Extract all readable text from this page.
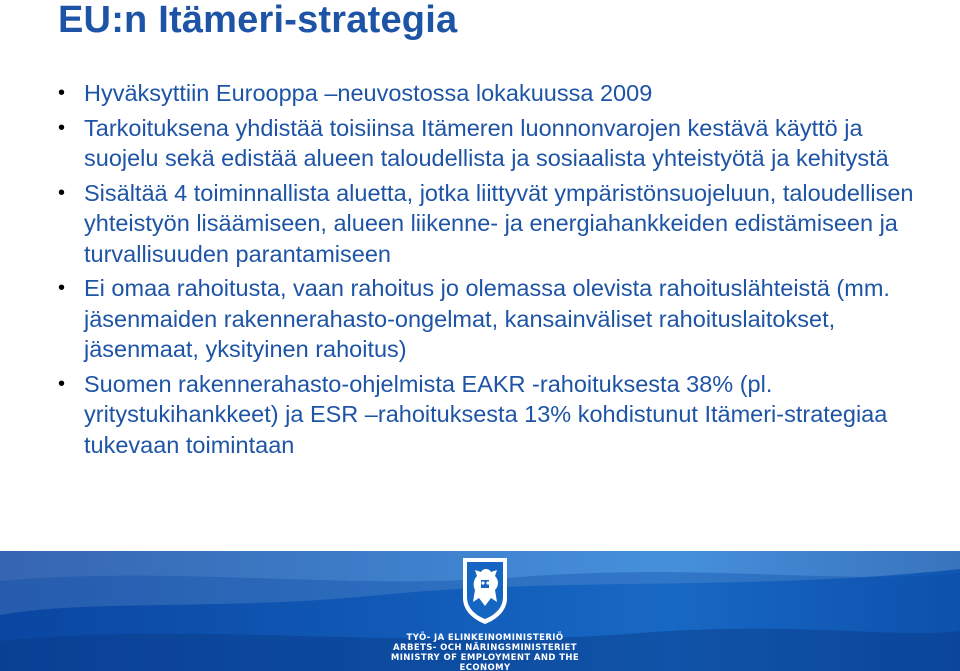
EU:n Itämeri-strategia
• Hyväksyttiin Eurooppa –neuvostossa lokakuussa 2009
• Tarkoituksena yhdistää toisiinsa Itämeren luonnonvarojen kestävä käyttö ja suojelu sekä edistää alueen taloudellista ja sosiaalista yhteistyötä ja kehitystä
• Sisältää 4 toiminnallista aluetta, jotka liittyvät ympäristönsuojeluun, taloudellisen yhteistyön lisäämiseen, alueen liikenne- ja energiahankkeiden edistämiseen ja turvallisuuden parantamiseen
• Ei omaa rahoitusta, vaan rahoitus jo olemassa olevista rahoituslähteistä (mm. jäsenmaiden rakennerahasto-ongelmat, kansainväliset rahoituslaitokset, jäsenmaat, yksityinen rahoitus)
• Suomen rakennerahasto-ohjelmista EAKR -rahoituksesta 38% (pl. yritystukihankkeet) ja ESR –rahoituksesta 13% kohdistunut Itämeri-strategiaa tukevaan toimintaan
TYÖ- JA ELINKEINOMINISTERIÖ
ARBETS- OCH NÄRINGSMINISTERIET
MINISTRY OF EMPLOYMENT AND THE ECONOMY
